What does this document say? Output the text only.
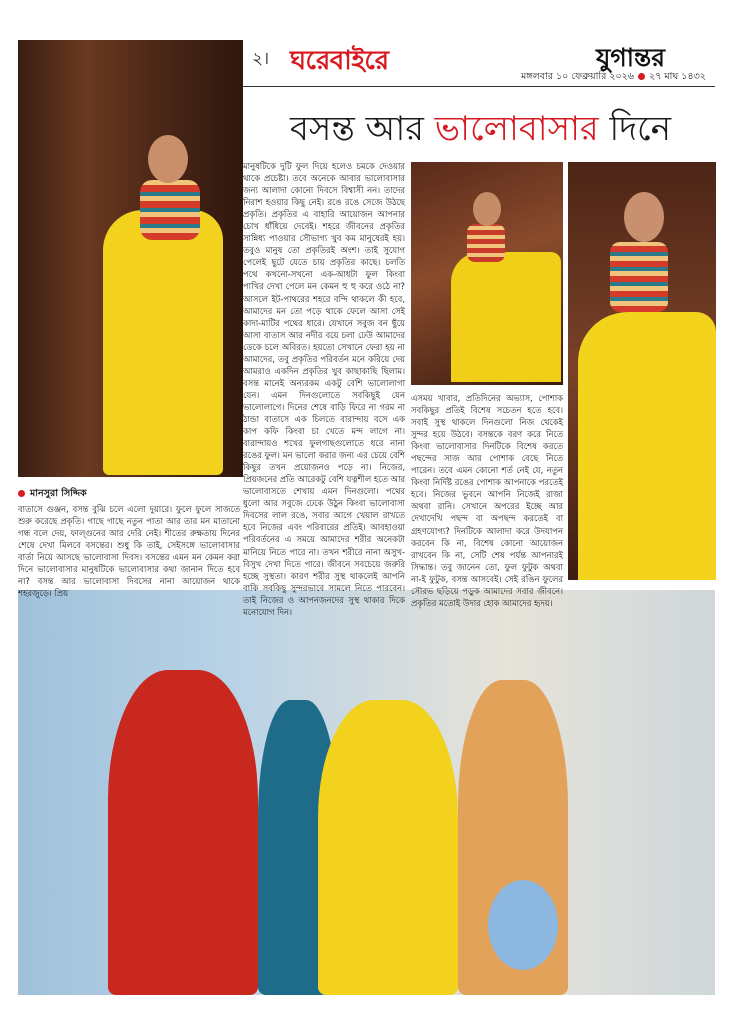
২। ঘরেবাইরে	যুগান্তর
মঙ্গলবার ১০ ফেব্রুয়ারি ২০২৬ ২৭ মাঘ ১৪৩২
বসন্ত আর ভালোবাসার দিনে
মানসুরা সিদ্দিক
বাতাসে গুঞ্জন, বসন্ত বুঝি চলে এলো দুয়ারে। ফুলে ফুলে সাজতে শুরু করেছে প্রকৃতি। গাছে গাছে নতুন পাতা আর তার মন মাতানো গন্ধ বলে দেয়, ফাল্গুনের আর দেরি নেই। শীতের রুক্ষতায় দিনের শেষে দেখা মিলবে বসন্তের। শুধু কি তাই, সেইসঙ্গে ভালোবাসার বার্তা নিয়ে আসছে ভালোবাসা দিবস। বসন্তের এমন মন কেমন করা দিনে ভালোবাসার মানুষটিকে ভালোবাসার কথা জানান দিতে হবে না? বসন্ত আর ভালোবাসা দিবসের নানা আয়োজন থাকে শহরজুড়ে। প্রিয়
মানুষটিকে দুটি ফুল দিয়ে হলেও চমকে দেওয়ার থাকে প্রচেষ্টা। তবে অনেকে আবার ভালোবাসার জন্য আলাদা কোনো দিবসে বিশ্বাসী নন। তাদের নিরাশ হওয়ার কিছু নেই। রঙে রঙে সেজে উঠছে প্রকৃতি। প্রকৃতির এ বাহারি আয়োজন আপনার চোখ ধাঁধিয়ে দেবেই। শহরে জীবনের প্রকৃতির সান্নিধ্য পাওয়ার সৌভাগ্য খুব কম মানুষেরই হয়। তবুও মানুষ তো প্রকৃতিরই অংশ। তাই সুযোগ পেলেই ছুটে যেতে চায় প্রকৃতির কাছে। চলতি পথে কখনো-সখনো এক-আধটা ফুল কিংবা পাখির দেখা পেলে মন কেমন হু হু করে ওঠে না? আসলে ইট-পাথরের শহরে বন্দি থাকলে কী হবে, আমাদের মন তো পড়ে থাকে ফেলে আসা সেই কাদা-মাটির পথের ধারে। যেখানে সবুজ বন ছুঁয়ে আসা বাতাস আর নদীর বয়ে চলা ঢেউ আমাদের ডেকে চলে অবিরত। হয়তো সেখানে ফেরা হয় না আমাদের, তবু প্রকৃতির পরিবর্তন মনে করিয়ে দেয় আমরাও একদিন প্রকৃতির খুব কাছাকাছি ছিলাম। বসন্ত মানেই অন্যরকম একটু বেশি ভালোলাগা যেন। এমন দিনগুলোতে সবকিছুই যেন ভালোলাগে। দিনের শেষে বাড়ি ফিরে না গরম না ঠান্ডা বাতাসে এক চিলতে বারান্দায় বসে এক কাপ কফি কিংবা চা খেতে মন্দ লাগে না। বারান্দায়ও শখের ফুলগাছগুলোতে ধরে নানা রঙের ফুল। মন ভালো করার জন্য এর চেয়ে বেশি কিছুর তখন প্রয়োজনও পড়ে না। নিজের, প্রিয়জনের প্রতি আরেকটু বেশি যত্নশীল হতে আর ভালোবাসতে শেখায় এমন দিনগুলো। পথের ধুলো আর সবুজে ঢেকে উঠুন কিংবা ভালোবাসা দিবসের লাল রঙে, সবার আগে খেয়াল রাখতে হবে নিজের এবং পরিবারের প্রতিই। আবহাওয়া পরিবর্তনের এ সময়ে আমাদের শরীর অনেকটা মানিয়ে নিতে পারে না। তখন শরীরে নানা অসুখ-বিসুখ দেখা দিতে পারে। জীবনে সবচেয়ে জরুরি হচ্ছে সুস্থতা। কারণ শরীর সুস্থ থাকলেই আপনি বাকি সবকিছু সুন্দরভাবে সামলে নিতে পারবেন। তাই নিজের ও আপনজনদের সুস্থ থাকার দিকে মনোযোগ দিন।
এসময় খাবার, প্রতিদিনের অভ্যাস, পোশাক সবকিছুর প্রতিই বিশেষ সচেতন হতে হবে। সবাই সুস্থ থাকলে দিনগুলো নিজ থেকেই সুন্দর হয়ে উঠবে। বসন্তকে বরণ করে নিতে কিংবা ভালোবাসার দিনটিকে বিশেষ করতে পছন্দের সাজ আর পোশাক বেছে নিতে পারেন। তবে এমন কোনো শর্ত নেই যে, নতুন কিংবা নির্দিষ্ট রঙের পোশাক আপনাকে পরতেই হবে। নিজের ভুবনে আপনি নিজেই রাজা অথবা রানি। সেখানে অপরের ইচ্ছে আর দেখাদেখি পছন্দ বা অপছন্দ করতেই বা গ্রহণযোগ্য? দিনটিকে আলাদা করে উদযাপন করবেন কি না, বিশেষ কোনো আয়োজন রাখবেন কি না, সেটি শেষ পর্যন্ত আপনারই সিদ্ধান্ত। তবু জানেন তো, ফুল ফুটুক অথবা না-ই ফুটুক, বসন্ত আসবেই। সেই রঙিন ফুলের সৌরভ ছড়িয়ে পড়ুক আমাদের সবার জীবনে। প্রকৃতির মতোই উদার হোক আমাদের হৃদয়।
